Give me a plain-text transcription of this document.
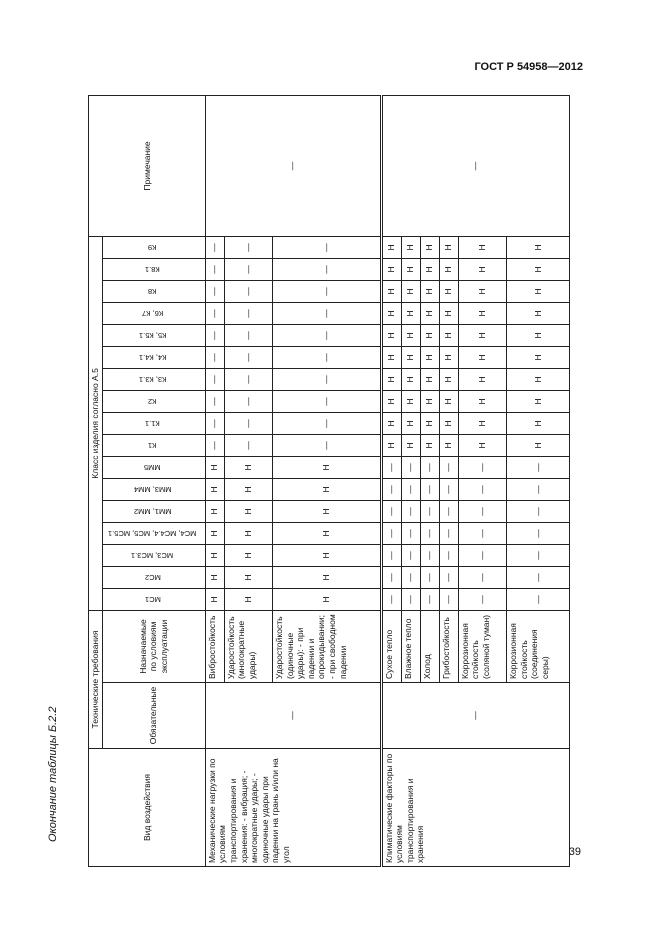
ГОСТ Р 54958—2012
Окончание таблицы Б.2.2	Вид воздействия	Технические требования		Класс изделия согласно А.5																	Примечание
	Обязательные	Назначаемые по условиям эксплуатации	МС1	МС2	МС3, МС3.1	МС4, МС4.4, МС5, МС5.1	ММ1, ММ2	ММ3, ММ4	ММ5	К1	К1.1	К2	К3, К3.1	К4, К4.1	К5, К5.1	К6, К7	К8	К8.1	К9	
Механические нагрузки по условиям транспортирования и хранения: - вибрация; - многократные удары; - одиночные удары при падении на грань и/или на угол	—	Вибростойкость	Н	Н	Н	Н	Н	Н	Н	—	—	—	—	—	—	—	—	—	—	—
		Ударостойкость (многократные удары)	Н	Н	Н	Н	Н	Н	Н	—	—	—	—	—	—	—	—	—	—	
		Ударостойкость (одиночные удары): - при падении и опрокидывании; - при свободном падении	Н	Н	Н	Н	Н	Н	Н	—	—	—	—	—	—	—	—	—	—	
Климатические факторы по условиям транспортирования и хранения	—	Сухое тепло	—	—	—	—	—	—	—	Н	Н	Н	Н	Н	Н	Н	Н	Н	Н	—
		Влажное тепло	—	—	—	—	—	—	—	Н	Н	Н	Н	Н	Н	Н	Н	Н	Н	
		Холод	—	—	—	—	—	—	—	Н	Н	Н	Н	Н	Н	Н	Н	Н	Н	
		Грибостойкость	—	—	—	—	—	—	—	Н	Н	Н	Н	Н	Н	Н	Н	Н	Н	
		Коррозионная стойкость (соляной туман)	—	—	—	—	—	—	—	Н	Н	Н	Н	Н	Н	Н	Н	Н	Н	
		Коррозионная стойкость (соединения серы)	—	—	—	—	—	—	—	Н	Н	Н	Н	Н	Н	Н	Н	Н	Н	
39
